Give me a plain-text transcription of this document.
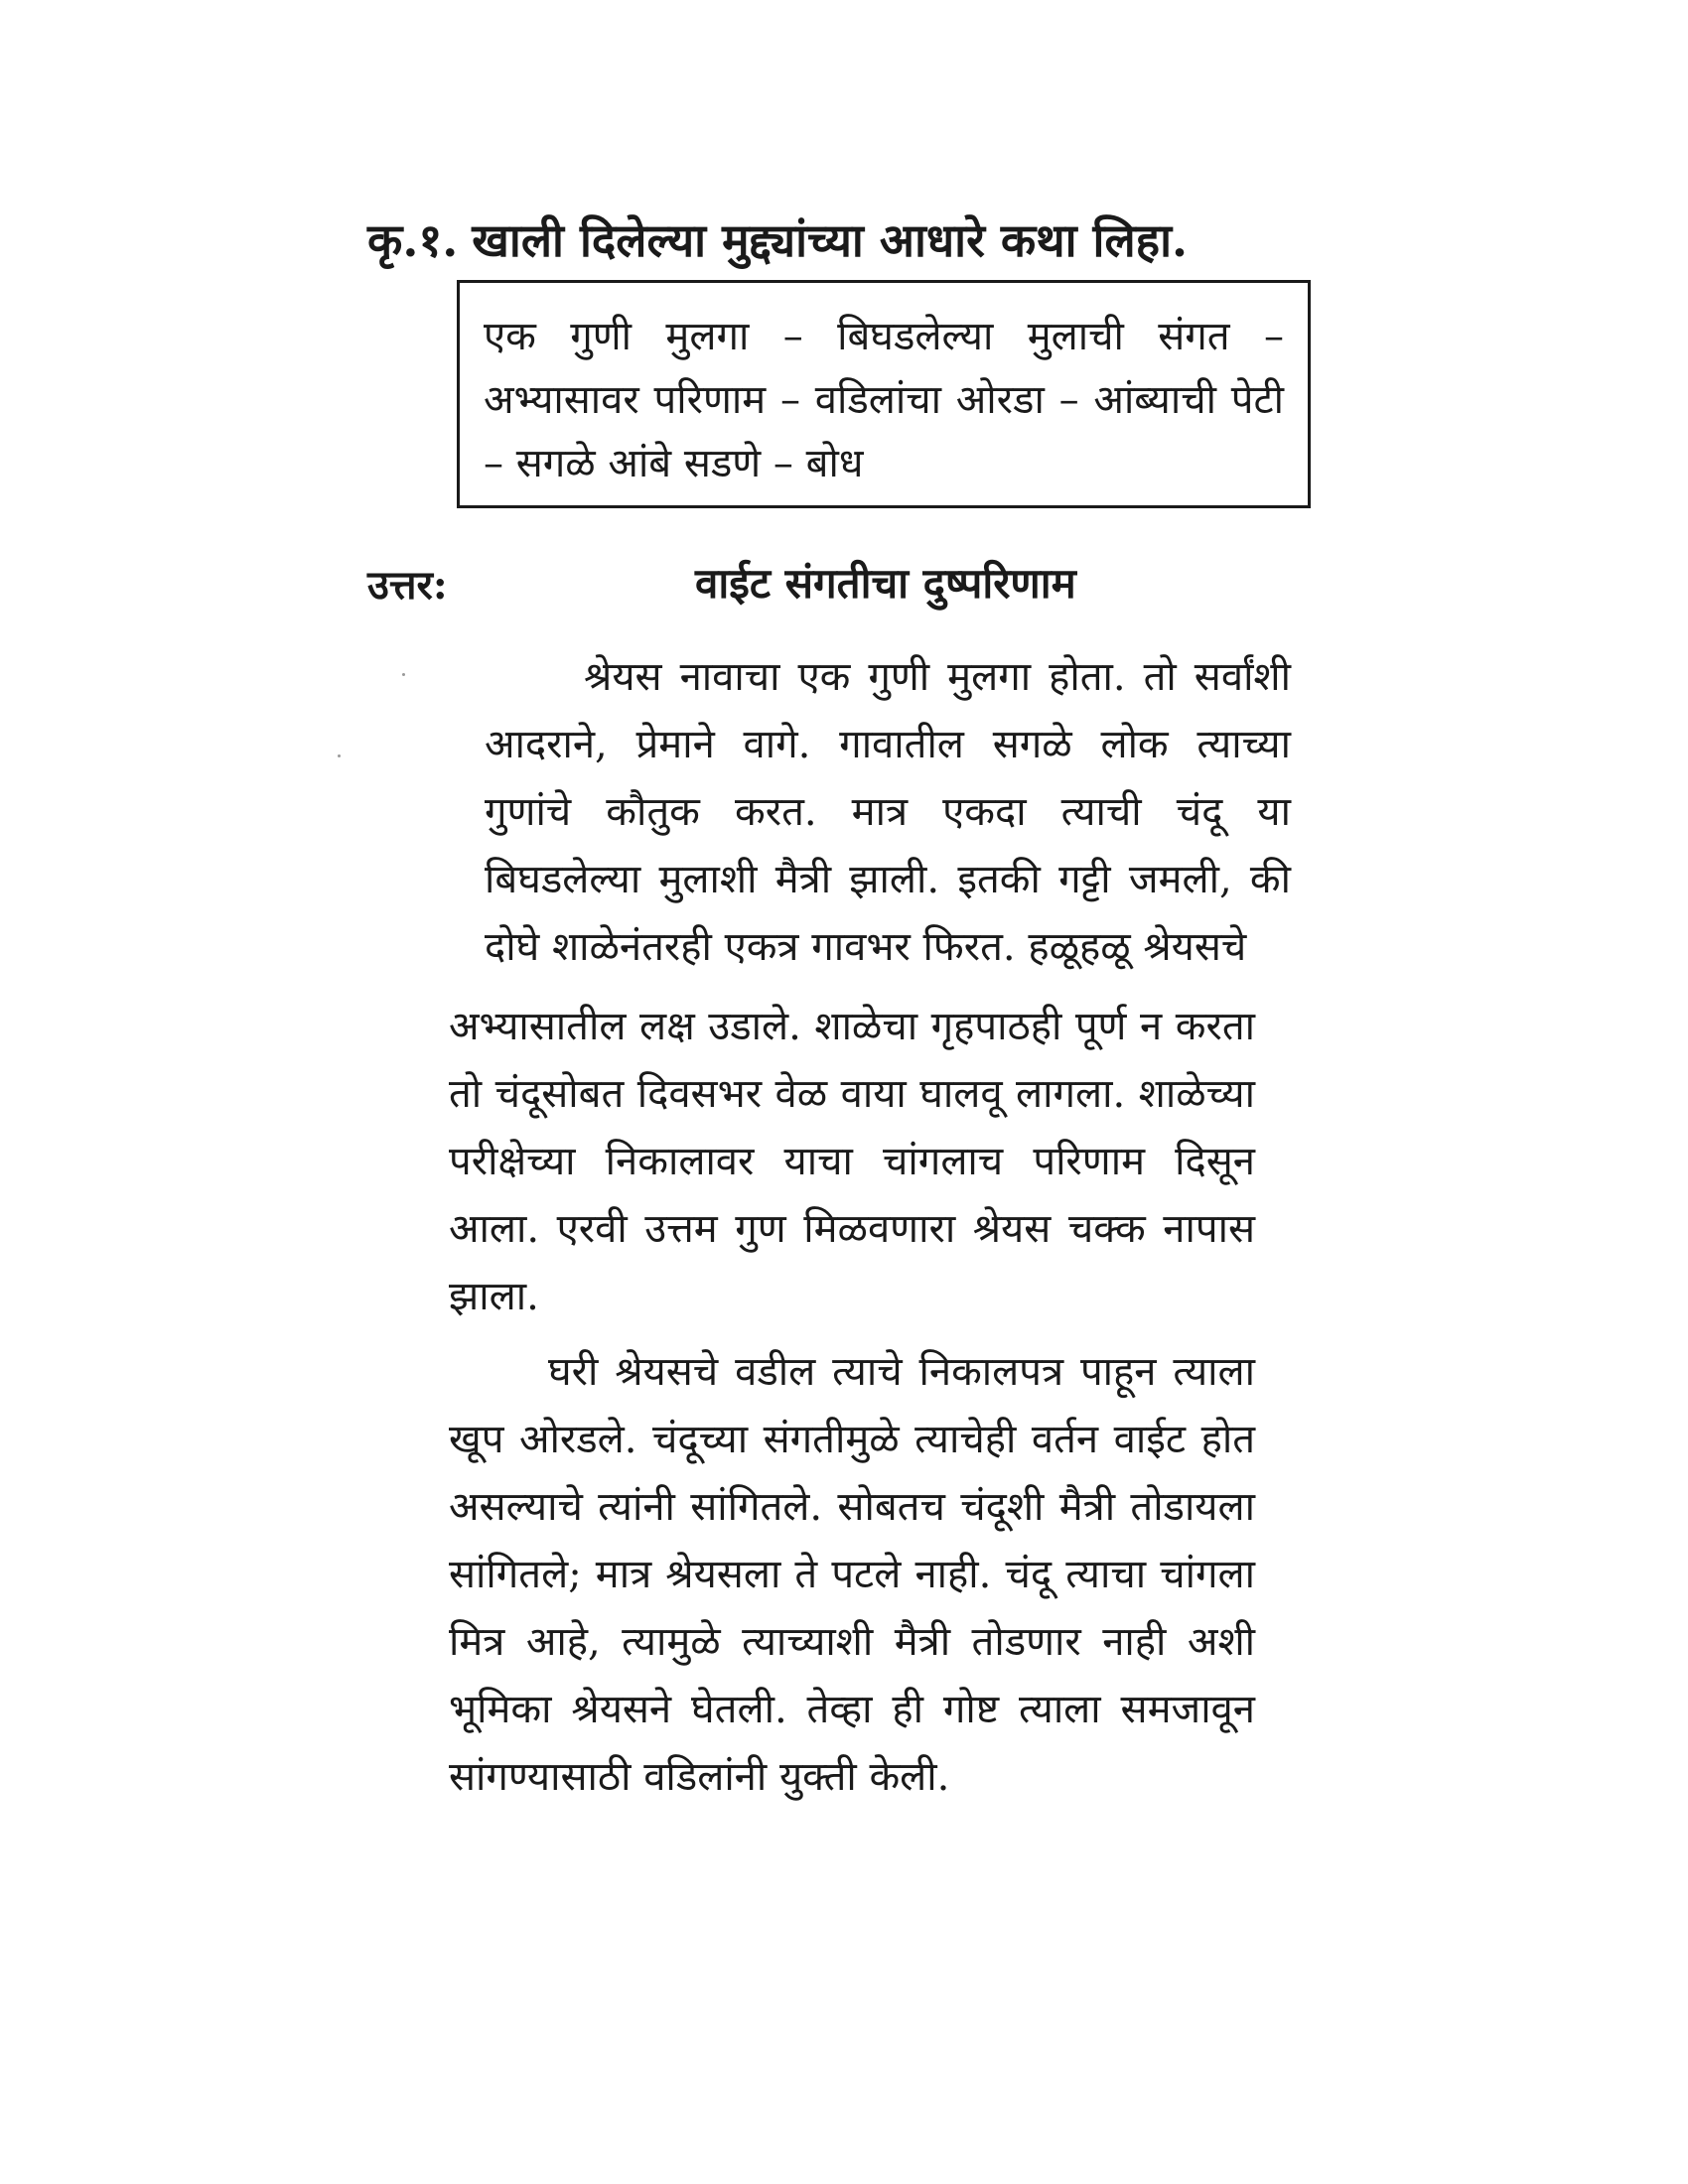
कृ.१. खाली दिलेल्या मुद्द्यांच्या आधारे कथा लिहा.
एक गुणी मुलगा – बिघडलेल्या मुलाची संगत – अभ्यासावर परिणाम – वडिलांचा ओरडा – आंब्याची पेटी – सगळे आंबे सडणे – बोध
उत्तर:	वाईट संगतीचा दुष्परिणाम
श्रेयस नावाचा एक गुणी मुलगा होता. तो सर्वांशी आदराने, प्रेमाने वागे. गावातील सगळे लोक त्याच्या गुणांचे कौतुक करत. मात्र एकदा त्याची चंदू या बिघडलेल्या मुलाशी मैत्री झाली. इतकी गट्टी जमली, की दोघे शाळेनंतरही एकत्र गावभर फिरत. हळूहळू श्रेयसचे
अभ्यासातील लक्ष उडाले. शाळेचा गृहपाठही पूर्ण न करता तो चंदूसोबत दिवसभर वेळ वाया घालवू लागला. शाळेच्या परीक्षेच्या निकालावर याचा चांगलाच परिणाम दिसून आला. एरवी उत्तम गुण मिळवणारा श्रेयस चक्क नापास झाला.
घरी श्रेयसचे वडील त्याचे निकालपत्र पाहून त्याला खूप ओरडले. चंदूच्या संगतीमुळे त्याचेही वर्तन वाईट होत असल्याचे त्यांनी सांगितले. सोबतच चंदूशी मैत्री तोडायला सांगितले; मात्र श्रेयसला ते पटले नाही. चंदू त्याचा चांगला मित्र आहे, त्यामुळे त्याच्याशी मैत्री तोडणार नाही अशी भूमिका श्रेयसने घेतली. तेव्हा ही गोष्ट त्याला समजावून सांगण्यासाठी वडिलांनी युक्ती केली.
